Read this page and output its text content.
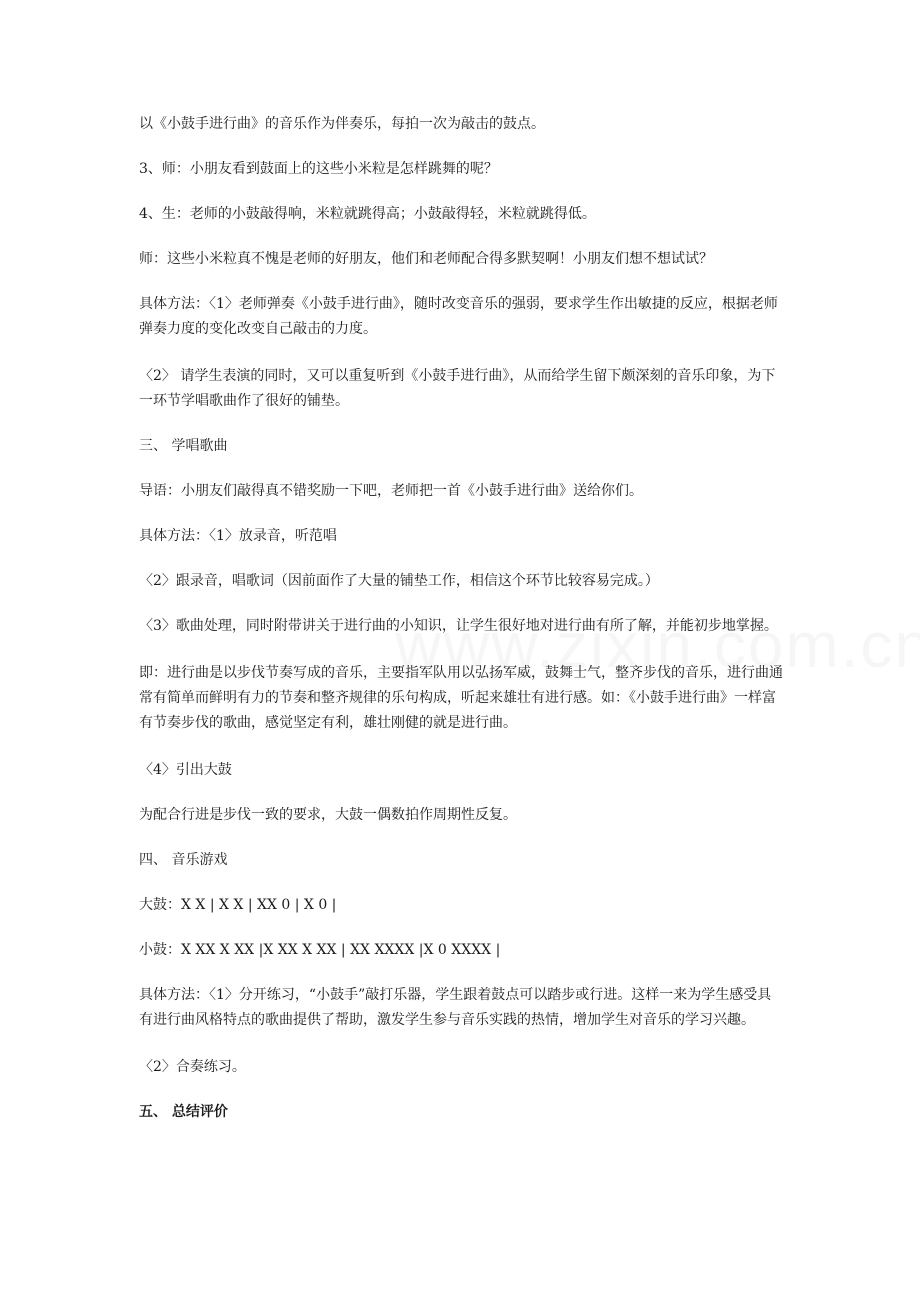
以《小鼓手进行曲》的音乐作为伴奏乐，每拍一次为敲击的鼓点。

3、师：小朋友看到鼓面上的这些小米粒是怎样跳舞的呢？

4、生：老师的小鼓敲得响，米粒就跳得高；小鼓敲得轻，米粒就跳得低。

师：这些小米粒真不愧是老师的好朋友，他们和老师配合得多默契啊！小朋友们想不想试试？

具体方法：〈1〉老师弹奏《小鼓手进行曲》，随时改变音乐的强弱，要求学生作出敏捷的反应，根据老师弹奏力度的变化改变自己敲击的力度。

〈2〉 请学生表演的同时，又可以重复听到《小鼓手进行曲》，从而给学生留下颇深刻的音乐印象，为下一环节学唱歌曲作了很好的铺垫。

三、 学唱歌曲

导语：小朋友们敲得真不错奖励一下吧，老师把一首《小鼓手进行曲》送给你们。

具体方法：〈1〉放录音，听范唱

〈2〉跟录音，唱歌词（因前面作了大量的铺垫工作，相信这个环节比较容易完成。）

〈3〉歌曲处理，同时附带讲关于进行曲的小知识，让学生很好地对进行曲有所了解，并能初步地掌握。

即：进行曲是以步伐节奏写成的音乐，主要指军队用以弘扬军威，鼓舞士气，整齐步伐的音乐，进行曲通常有简单而鲜明有力的节奏和整齐规律的乐句构成，听起来雄壮有进行感。如：《小鼓手进行曲》一样富有节奏步伐的歌曲，感觉坚定有利，雄壮刚健的就是进行曲。

〈4〉引出大鼓

为配合行进是步伐一致的要求，大鼓一偶数拍作周期性反复。

四、 音乐游戏

大鼓：X X | X X | XX 0 | X 0 |

小鼓：X XX X XX |X XX X XX | XX XXXX |X 0 XXXX |

具体方法：〈1〉分开练习，“小鼓手”敲打乐器，学生跟着鼓点可以踏步或行进。这样一来为学生感受具有进行曲风格特点的歌曲提供了帮助，激发学生参与音乐实践的热情，增加学生对音乐的学习兴趣。

〈2〉合奏练习。

五、 总结评价
